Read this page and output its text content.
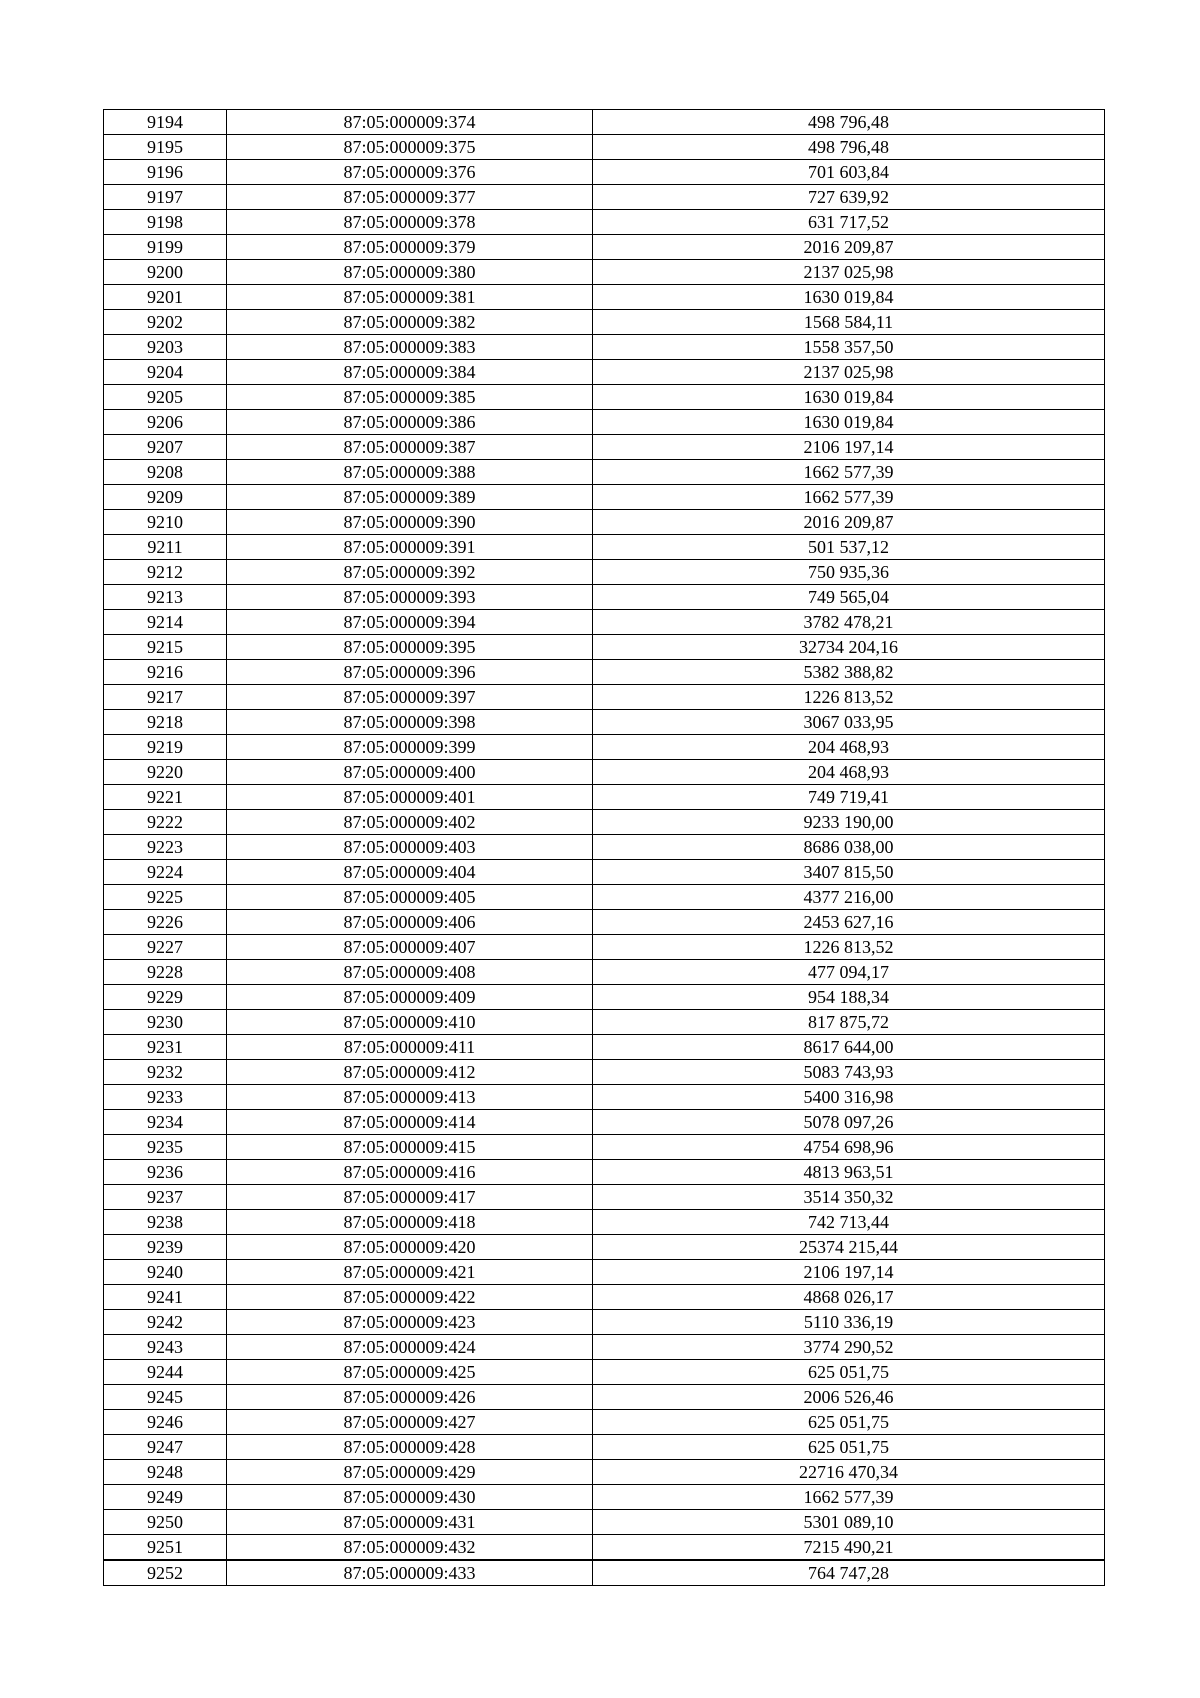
9194	87:05:000009:374	498 796,48
9195	87:05:000009:375	498 796,48
9196	87:05:000009:376	701 603,84
9197	87:05:000009:377	727 639,92
9198	87:05:000009:378	631 717,52
9199	87:05:000009:379	2016 209,87
9200	87:05:000009:380	2137 025,98
9201	87:05:000009:381	1630 019,84
9202	87:05:000009:382	1568 584,11
9203	87:05:000009:383	1558 357,50
9204	87:05:000009:384	2137 025,98
9205	87:05:000009:385	1630 019,84
9206	87:05:000009:386	1630 019,84
9207	87:05:000009:387	2106 197,14
9208	87:05:000009:388	1662 577,39
9209	87:05:000009:389	1662 577,39
9210	87:05:000009:390	2016 209,87
9211	87:05:000009:391	501 537,12
9212	87:05:000009:392	750 935,36
9213	87:05:000009:393	749 565,04
9214	87:05:000009:394	3782 478,21
9215	87:05:000009:395	32734 204,16
9216	87:05:000009:396	5382 388,82
9217	87:05:000009:397	1226 813,52
9218	87:05:000009:398	3067 033,95
9219	87:05:000009:399	204 468,93
9220	87:05:000009:400	204 468,93
9221	87:05:000009:401	749 719,41
9222	87:05:000009:402	9233 190,00
9223	87:05:000009:403	8686 038,00
9224	87:05:000009:404	3407 815,50
9225	87:05:000009:405	4377 216,00
9226	87:05:000009:406	2453 627,16
9227	87:05:000009:407	1226 813,52
9228	87:05:000009:408	477 094,17
9229	87:05:000009:409	954 188,34
9230	87:05:000009:410	817 875,72
9231	87:05:000009:411	8617 644,00
9232	87:05:000009:412	5083 743,93
9233	87:05:000009:413	5400 316,98
9234	87:05:000009:414	5078 097,26
9235	87:05:000009:415	4754 698,96
9236	87:05:000009:416	4813 963,51
9237	87:05:000009:417	3514 350,32
9238	87:05:000009:418	742 713,44
9239	87:05:000009:420	25374 215,44
9240	87:05:000009:421	2106 197,14
9241	87:05:000009:422	4868 026,17
9242	87:05:000009:423	5110 336,19
9243	87:05:000009:424	3774 290,52
9244	87:05:000009:425	625 051,75
9245	87:05:000009:426	2006 526,46
9246	87:05:000009:427	625 051,75
9247	87:05:000009:428	625 051,75
9248	87:05:000009:429	22716 470,34
9249	87:05:000009:430	1662 577,39
9250	87:05:000009:431	5301 089,10
9251	87:05:000009:432	7215 490,21
9252	87:05:000009:433	764 747,28
